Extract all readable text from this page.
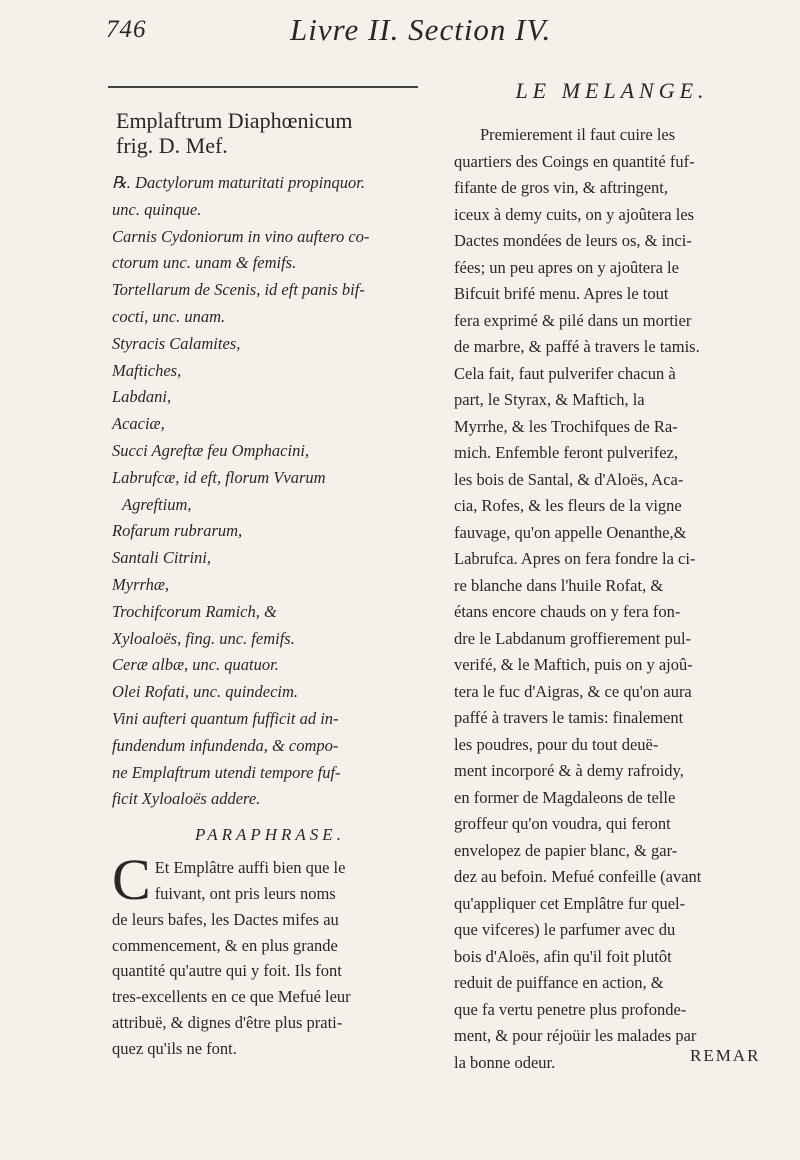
746	Livre II. Section IV.
Emplaftrum Diaphœnicum
frig. D. Mef.
℞. Dactylorum maturitati propinquor.
unc. quinque.
Carnis Cydoniorum in vino auftero co-
ctorum unc. unam & femifs.
Tortellarum de Scenis, id eft panis bif-
cocti, unc. unam.
Styracis Calamites,
Maftiches,
Labdani,
Acaciæ,
Succi Agreftæ feu Omphacini,
Labrufcæ, id eft, florum Vvarum
Agreftium,
Rofarum rubrarum,
Santali Citrini,
Myrrhæ,
Trochifcorum Ramich, &
Xyloaloës, fing. unc. femifs.
Ceræ albæ, unc. quatuor.
Olei Rofati, unc. quindecim.
Vini aufteri quantum fufficit ad in-
fundendum infundenda, & compo-
ne Emplaftrum utendi tempore fuf-
ficit Xyloaloës addere.
PARAPHRASE.
C Et Emplâtre auffi bien que le
fuivant, ont pris leurs noms
de leurs bafes, les Dactes mifes au
commencement, & en plus grande
quantité qu'autre qui y foit. Ils font
tres-excellents en ce que Mefué leur
attribuë, & dignes d'être plus prati-
quez qu'ils ne font.
LE MELANGE.
Premierement il faut cuire les
quartiers des Coings en quantité fuf-
fifante de gros vin, & aftringent,
iceux à demy cuits, on y ajoûtera les
Dactes mondées de leurs os, & inci-
fées; un peu apres on y ajoûtera le
Bifcuit brifé menu. Apres le tout
fera exprimé & pilé dans un mortier
de marbre, & paffé à travers le tamis.
Cela fait, faut pulverifer chacun à
part, le Styrax, & Maftich, la
Myrrhe, & les Trochifques de Ra-
mich. Enfemble feront pulverifez,
les bois de Santal, & d'Aloës, Aca-
cia, Rofes, & les fleurs de la vigne
fauvage, qu'on appelle Oenanthe,&
Labrufca. Apres on fera fondre la ci-
re blanche dans l'huile Rofat, &
étans encore chauds on y fera fon-
dre le Labdanum groffierement pul-
verifé, & le Maftich, puis on y ajoû-
tera le fuc d'Aigras, & ce qu'on aura
paffé à travers le tamis: finalement
les poudres, pour du tout deuë-
ment incorporé & à demy rafroidy,
en former de Magdaleons de telle
groffeur qu'on voudra, qui feront
envelopez de papier blanc, & gar-
dez au befoin. Mefué confeille (avant
qu'appliquer cet Emplâtre fur quel-
que vifceres) le parfumer avec du
bois d'Aloës, afin qu'il foit plutôt
reduit de puiffance en action, &
que fa vertu penetre plus profonde-
ment, & pour réjoüir les malades par
la bonne odeur.	REMAR
